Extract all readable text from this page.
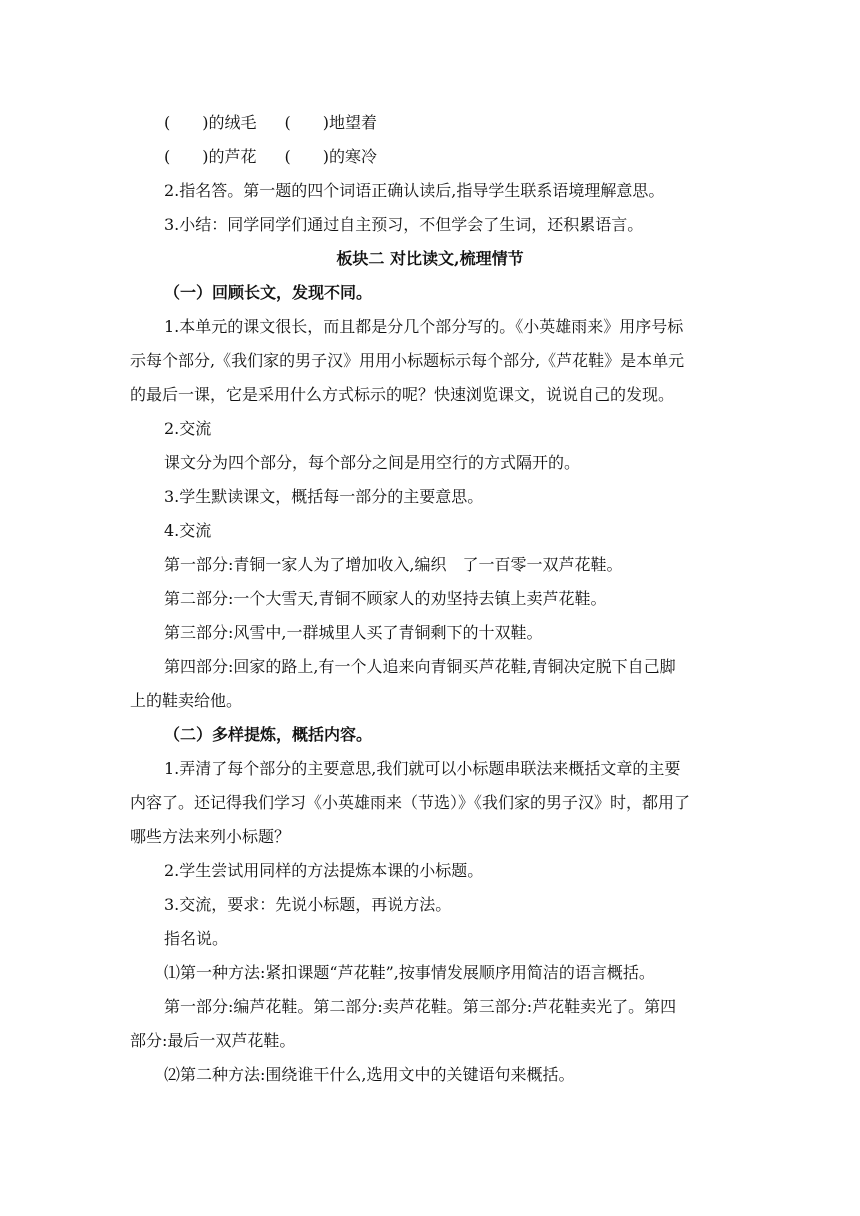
(　　)的绒毛 (　　)地望着
(　　)的芦花 (　　)的寒冷
2.指名答。第一题的四个词语正确认读后,指导学生联系语境理解意思。
3.小结：同学同学们通过自主预习，不但学会了生词，还积累语言。
板块二 对比读文,梳理情节
（一）回顾长文，发现不同。
1.本单元的课文很长，而且都是分几个部分写的。《小英雄雨来》用序号标
示每个部分,《我们家的男子汉》用用小标题标示每个部分,《芦花鞋》是本单元
的最后一课，它是采用什么方式标示的呢？快速浏览课文，说说自己的发现。
2.交流
课文分为四个部分，每个部分之间是用空行的方式隔开的。
3.学生默读课文，概括每一部分的主要意思。
4.交流
第一部分:青铜一家人为了增加收入,编织　了一百零一双芦花鞋。
第二部分:一个大雪天,青铜不顾家人的劝坚持去镇上卖芦花鞋。
第三部分:风雪中,一群城里人买了青铜剩下的十双鞋。
第四部分:回家的路上,有一个人追来向青铜买芦花鞋,青铜决定脱下自己脚
上的鞋卖给他。
（二）多样提炼，概括内容。
1.弄清了每个部分的主要意思,我们就可以小标题串联法来概括文章的主要
内容了。还记得我们学习《小英雄雨来（节选）》《我们家的男子汉》时，都用了
哪些方法来列小标题？
2.学生尝试用同样的方法提炼本课的小标题。
3.交流，要求：先说小标题，再说方法。
指名说。
⑴第一种方法:紧扣课题“芦花鞋”,按事情发展顺序用简洁的语言概括。
第一部分:编芦花鞋。第二部分:卖芦花鞋。第三部分:芦花鞋卖光了。第四
部分:最后一双芦花鞋。
⑵第二种方法:围绕谁干什么,选用文中的关键语句来概括。
